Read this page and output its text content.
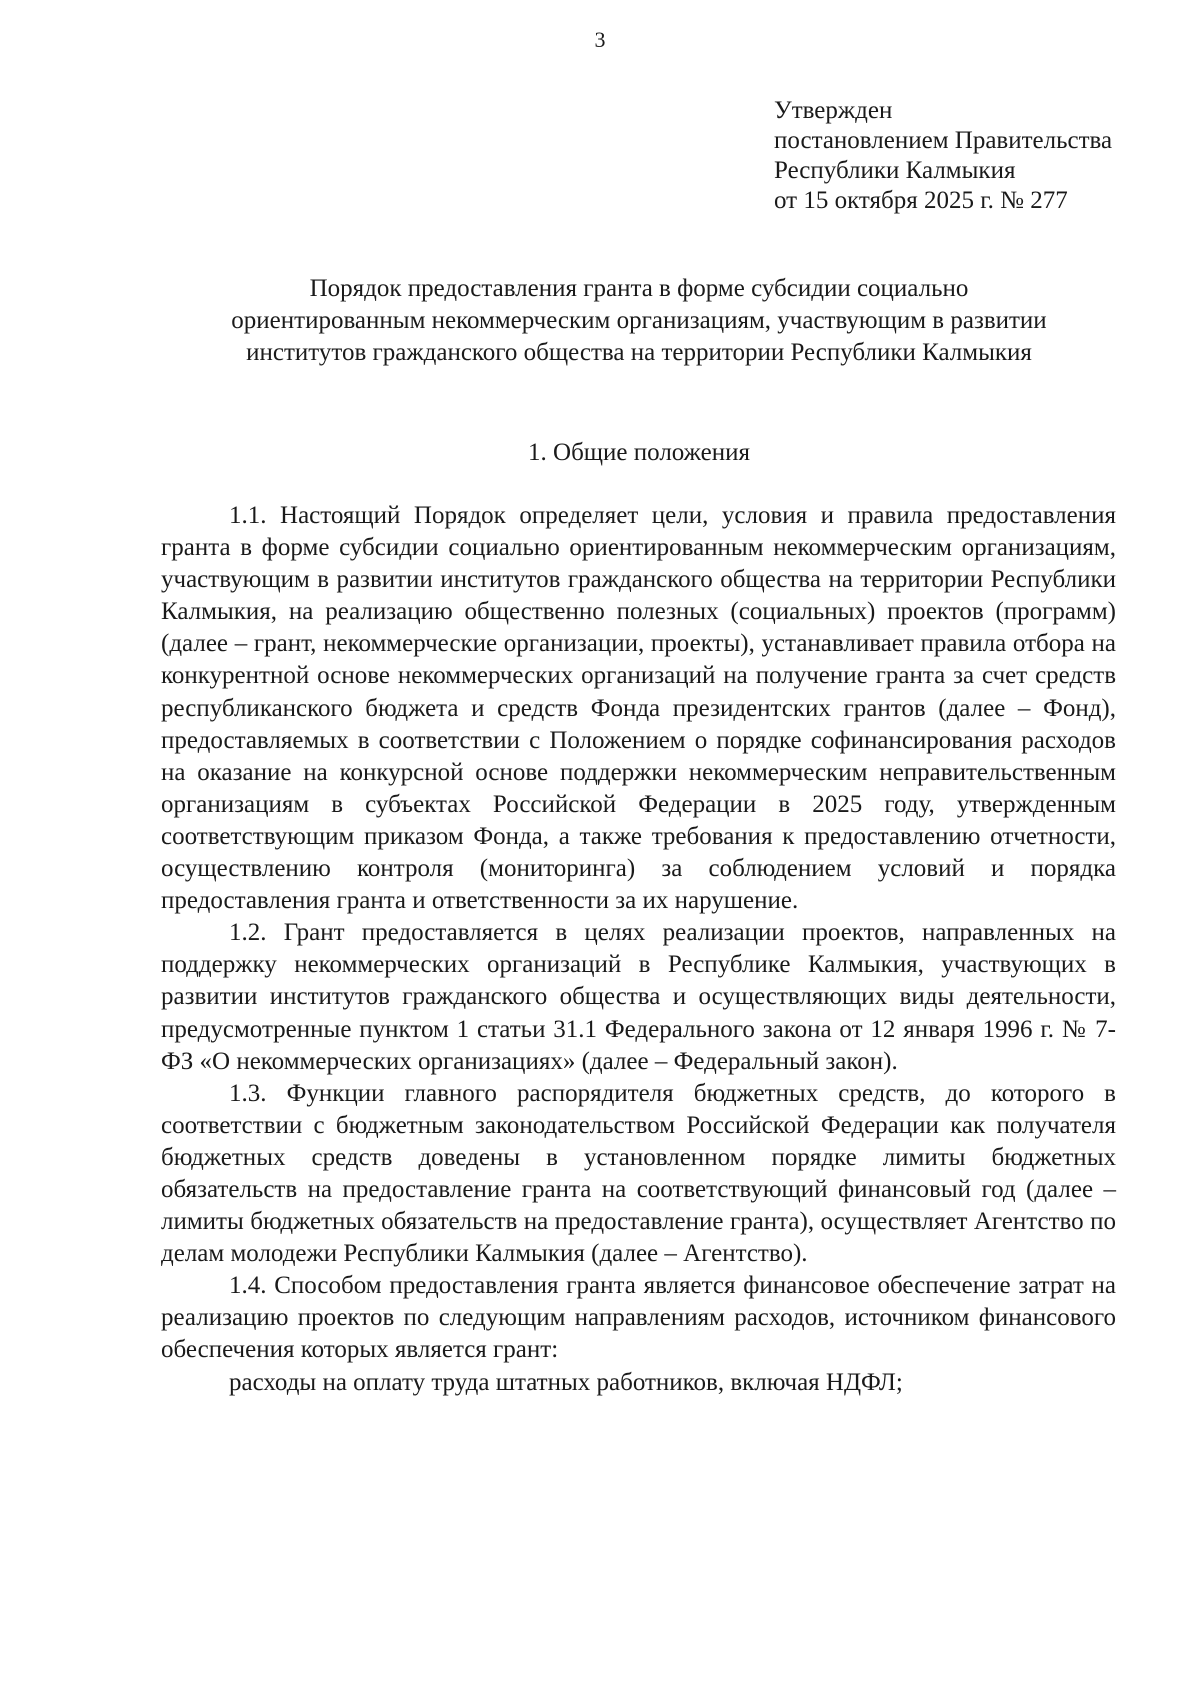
3
Утвержден
постановлением Правительства
Республики Калмыкия
от 15 октября 2025 г. № 277
Порядок предоставления гранта в форме субсидии социально
ориентированным некоммерческим организациям, участвующим в развитии
институтов гражданского общества на территории Республики Калмыкия
1. Общие положения

1.1. Настоящий Порядок определяет цели, условия и правила предоставления гранта в форме субсидии социально ориентированным некоммерческим организациям, участвующим в развитии институтов гражданского общества на территории Республики Калмыкия, на реализацию общественно полезных (социальных) проектов (программ) (далее – грант, некоммерческие организации, проекты), устанавливает правила отбора на конкурентной основе некоммерческих организаций на получение гранта за счет средств республиканского бюджета и средств Фонда президентских грантов (далее – Фонд), предоставляемых в соответствии с Положением о порядке софинансирования расходов на оказание на конкурсной основе поддержки некоммерческим неправительственным организациям в субъектах Российской Федерации в 2025 году, утвержденным соответствующим приказом Фонда, а также требования к предоставлению отчетности, осуществлению контроля (мониторинга) за соблюдением условий и порядка предоставления гранта и ответственности за их нарушение.

1.2. Грант предоставляется в целях реализации проектов, направленных на поддержку некоммерческих организаций в Республике Калмыкия, участвующих в развитии институтов гражданского общества и осуществляющих виды деятельности, предусмотренные пунктом 1 статьи 31.1 Федерального закона от 12 января 1996 г. № 7-ФЗ «О некоммерческих организациях» (далее – Федеральный закон).

1.3. Функции главного распорядителя бюджетных средств, до которого в соответствии с бюджетным законодательством Российской Федерации как получателя бюджетных средств доведены в установленном порядке лимиты бюджетных обязательств на предоставление гранта на соответствующий финансовый год (далее – лимиты бюджетных обязательств на предоставление гранта), осуществляет Агентство по делам молодежи Республики Калмыкия (далее – Агентство).

1.4. Способом предоставления гранта является финансовое обеспечение затрат на реализацию проектов по следующим направлениям расходов, источником финансового обеспечения которых является грант:

расходы на оплату труда штатных работников, включая НДФЛ;
